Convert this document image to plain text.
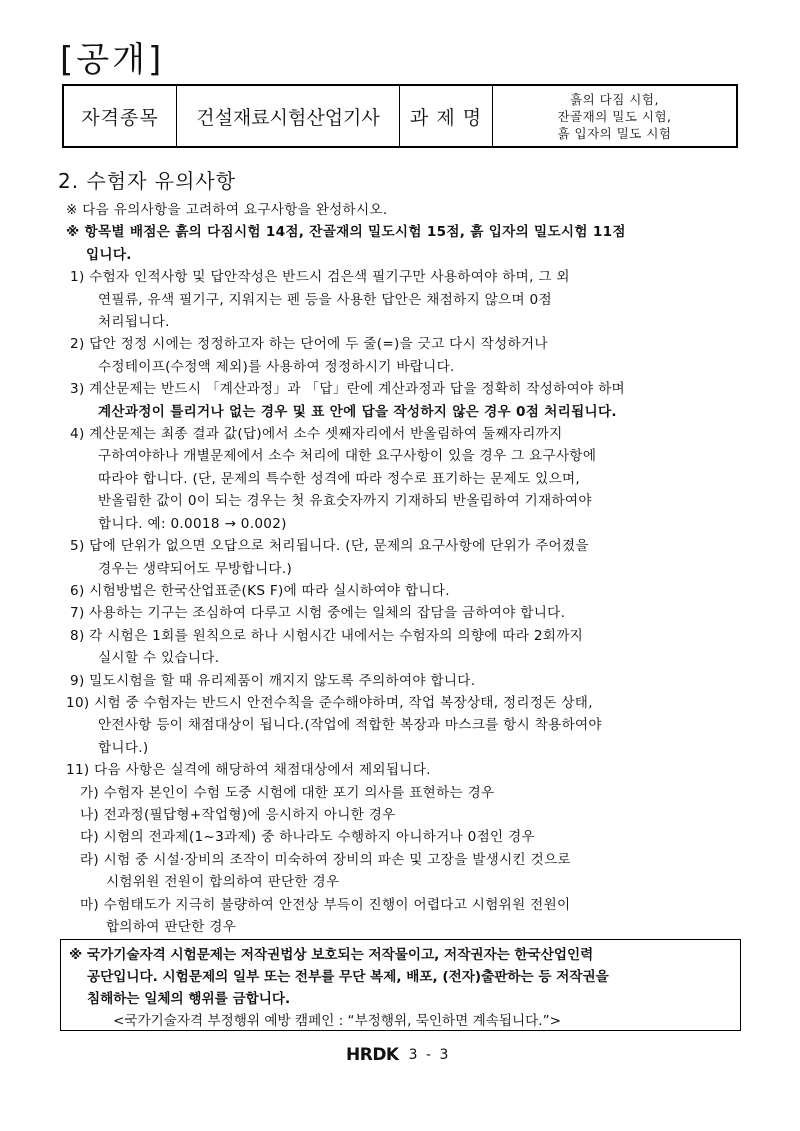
[공개]
자격종목	건설재료시험산업기사	과 제 명	
흙의 다짐 시험,
잔골재의 밀도 시험,
흙 입자의 밀도 시험
2. 수험자 유의사항
※ 다음 유의사항을 고려하여 요구사항을 완성하시오.
※ 항목별 배점은 흙의 다짐시험 14점, 잔골재의 밀도시험 15점, 흙 입자의 밀도시험 11점
입니다.
1) 수험자 인적사항 및 답안작성은 반드시 검은색 필기구만 사용하여야 하며, 그 외
연필류, 유색 필기구, 지워지는 펜 등을 사용한 답안은 채점하지 않으며 0점
처리됩니다.
2) 답안 정정 시에는 정정하고자 하는 단어에 두 줄(=)을 긋고 다시 작성하거나
수정테이프(수정액 제외)를 사용하여 정정하시기 바랍니다.
3) 계산문제는 반드시 「계산과정」과 「답」란에 계산과정과 답을 정확히 작성하여야 하며
계산과정이 틀리거나 없는 경우 및 표 안에 답을 작성하지 않은 경우 0점 처리됩니다.
4) 계산문제는 최종 결과 값(답)에서 소수 셋째자리에서 반올림하여 둘째자리까지
구하여야하나 개별문제에서 소수 처리에 대한 요구사항이 있을 경우 그 요구사항에
따라야 합니다. (단, 문제의 특수한 성격에 따라 정수로 표기하는 문제도 있으며,
반올림한 값이 0이 되는 경우는 첫 유효숫자까지 기재하되 반올림하여 기재하여야
합니다. 예: 0.0018 → 0.002)
5) 답에 단위가 없으면 오답으로 처리됩니다. (단, 문제의 요구사항에 단위가 주어졌을
경우는 생략되어도 무방합니다.)
6) 시험방법은 한국산업표준(KS F)에 따라 실시하여야 합니다.
7) 사용하는 기구는 조심하여 다루고 시험 중에는 일체의 잡담을 금하여야 합니다.
8) 각 시험은 1회를 원칙으로 하나 시험시간 내에서는 수험자의 의향에 따라 2회까지
실시할 수 있습니다.
9) 밀도시험을 할 때 유리제품이 깨지지 않도록 주의하여야 합니다.
10) 시험 중 수험자는 반드시 안전수칙을 준수해야하며, 작업 복장상태, 정리정돈 상태,
안전사항 등이 채점대상이 됩니다.(작업에 적합한 복장과 마스크를 항시 착용하여야
합니다.)
11) 다음 사항은 실격에 해당하여 채점대상에서 제외됩니다.
가) 수험자 본인이 수험 도중 시험에 대한 포기 의사를 표현하는 경우
나) 전과정(필답형+작업형)에 응시하지 아니한 경우
다) 시험의 전과제(1~3과제) 중 하나라도 수행하지 아니하거나 0점인 경우
라) 시험 중 시설·장비의 조작이 미숙하여 장비의 파손 및 고장을 발생시킨 것으로
시험위원 전원이 합의하여 판단한 경우
마) 수험태도가 지극히 불량하여 안전상 부득이 진행이 어렵다고 시험위원 전원이
합의하여 판단한 경우
※ 국가기술자격 시험문제는 저작권법상 보호되는 저작물이고, 저작권자는 한국산업인력
공단입니다. 시험문제의 일부 또는 전부를 무단 복제, 배포, (전자)출판하는 등 저작권을
침해하는 일체의 행위를 금합니다.
<국가기술자격 부정행위 예방 캠페인 : “부정행위, 묵인하면 계속됩니다.”>
HRDK 3 - 3
